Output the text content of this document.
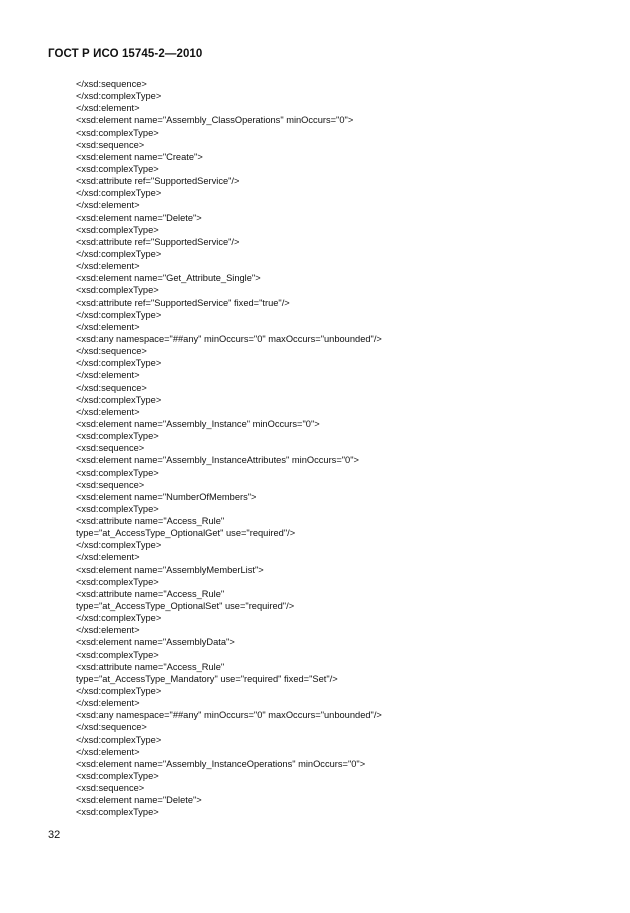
ГОСТ Р ИСО 15745-2—2010
</xsd:sequence>
</xsd:complexType>
</xsd:element>
<xsd:element name="Assembly_ClassOperations" minOccurs="0">
<xsd:complexType>
<xsd:sequence>
<xsd:element name="Create">
<xsd:complexType>
<xsd:attribute ref="SupportedService"/>
</xsd:complexType>
</xsd:element>
<xsd:element name="Delete">
<xsd:complexType>
<xsd:attribute ref="SupportedService"/>
</xsd:complexType>
</xsd:element>
<xsd:element name="Get_Attribute_Single">
<xsd:complexType>
<xsd:attribute ref="SupportedService" fixed="true"/>
</xsd:complexType>
</xsd:element>
<xsd:any namespace="##any" minOccurs="0" maxOccurs="unbounded"/>
</xsd:sequence>
</xsd:complexType>
</xsd:element>
</xsd:sequence>
</xsd:complexType>
</xsd:element>
<xsd:element name="Assembly_Instance" minOccurs="0">
<xsd:complexType>
<xsd:sequence>
<xsd:element name="Assembly_InstanceAttributes" minOccurs="0">
<xsd:complexType>
<xsd:sequence>
<xsd:element name="NumberOfMembers">
<xsd:complexType>
<xsd:attribute name="Access_Rule"
type="at_AccessType_OptionalGet" use="required"/>
</xsd:complexType>
</xsd:element>
<xsd:element name="AssemblyMemberList">
<xsd:complexType>
<xsd:attribute name="Access_Rule"
type="at_AccessType_OptionalSet" use="required"/>
</xsd:complexType>
</xsd:element>
<xsd:element name="AssemblyData">
<xsd:complexType>
<xsd:attribute name="Access_Rule"
type="at_AccessType_Mandatory" use="required" fixed="Set"/>
</xsd:complexType>
</xsd:element>
<xsd:any namespace="##any" minOccurs="0" maxOccurs="unbounded"/>
</xsd:sequence>
</xsd:complexType>
</xsd:element>
<xsd:element name="Assembly_InstanceOperations" minOccurs="0">
<xsd:complexType>
<xsd:sequence>
<xsd:element name="Delete">
<xsd:complexType>
32
